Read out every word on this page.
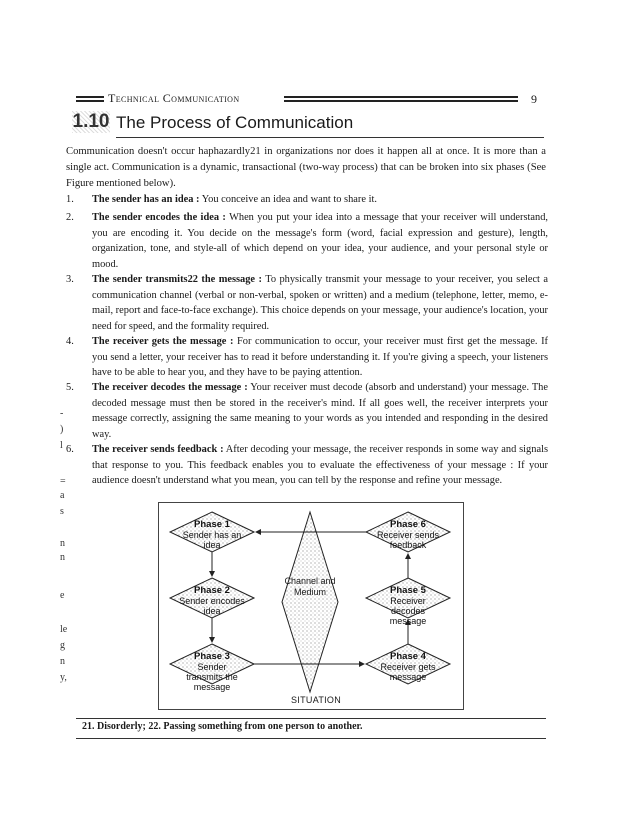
Technical Communication	9
1.10 The Process of Communication
Communication doesn't occur haphazardly21 in organizations nor does it happen all at once. It is more than a single act. Communication is a dynamic, transactional (two-way process) that can be broken into six phases (See Figure mentioned below).
1.	The sender has an idea : You conceive an idea and want to share it.
2.	The sender encodes the idea : When you put your idea into a message that your receiver will understand, you are encoding it. You decide on the message's form (word, facial expression and gesture), length, organization, tone, and style-all of which depend on your idea, your audience, and your personal style or mood.
3.	The sender transmits22 the message : To physically transmit your message to your receiver, you select a communication channel (verbal or non-verbal, spoken or written) and a medium (telephone, letter, memo, e-mail, report and face-to-face exchange). This choice depends on your message, your audience's location, your need for speed, and the formality required.
4.	The receiver gets the message : For communication to occur, your receiver must first get the message. If you send a letter, your receiver has to read it before understanding it. If you're giving a speech, your listeners have to be able to hear you, and they have to be paying attention.
5.	The receiver decodes the message : Your receiver must decode (absorb and understand) your message. The decoded message must then be stored in the receiver's mind. If all goes well, the receiver interprets your message correctly, assigning the same meaning to your words as you intended and responding in the desired way.
6.	The receiver sends feedback : After decoding your message, the receiver responds in some way and signals that response to you. This feedback enables you to evaluate the effectiveness of your message : If your audience doesn't understand what you mean, you can tell by the response and refine your message.
Phase 1
Sender has an idea
Phase 2
Sender encodes idea
Phase 3
Sender transmits the message
Phase 4
Receiver gets message
Phase 5
Receiver decodes message
Phase 6
Receiver sends feedback
Channel and Medium
SITUATION
21. Disorderly; 22. Passing something from one person to another.
-
)
l
=
a
s
n
n
e
le
g
n
y,
